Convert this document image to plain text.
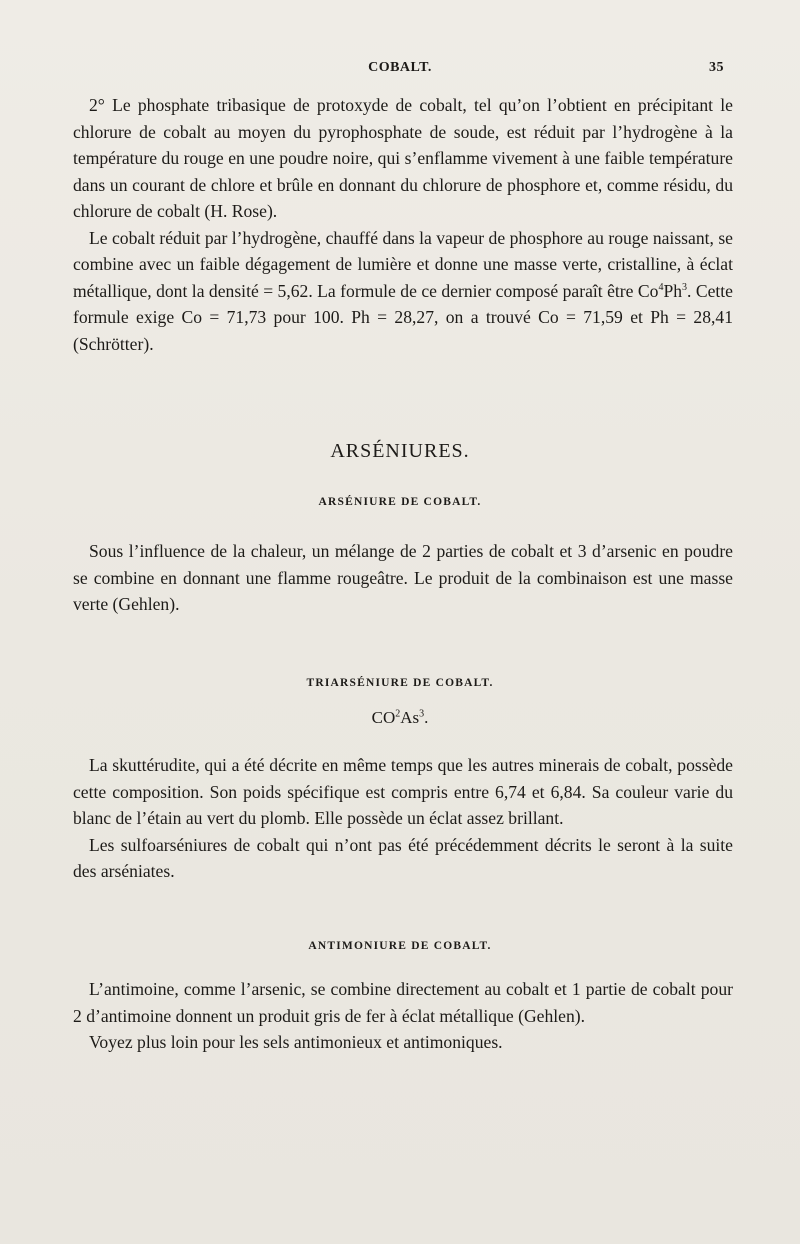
COBALT.	35

2° Le phosphate tribasique de protoxyde de cobalt, tel qu’on l’obtient en précipitant le chlorure de cobalt au moyen du pyrophosphate de soude, est réduit par l’hydrogène à la température du rouge en une poudre noire, qui s’enflamme vivement à une faible température dans un courant de chlore et brûle en donnant du chlorure de phosphore et, comme résidu, du chlorure de cobalt (H. Rose).

Le cobalt réduit par l’hydrogène, chauffé dans la vapeur de phosphore au rouge naissant, se combine avec un faible dégagement de lumière et donne une masse verte, cristalline, à éclat métallique, dont la densité = 5,62. La formule de ce dernier composé paraît être Co$^4$Ph$^3$. Cette formule exige Co = 71,73 pour 100. Ph = 28,27, on a trouvé Co = 71,59 et Ph = 28,41 (Schrötter).

ARSÉNIURES.
ARSÉNIURE DE COBALT.

Sous l’influence de la chaleur, un mélange de 2 parties de cobalt et 3 d’arsenic en poudre se combine en donnant une flamme rougeâtre. Le produit de la combinaison est une masse verte (Gehlen).

TRIARSÉNIURE DE COBALT.
$CO^2As^3$.

La skuttérudite, qui a été décrite en même temps que les autres minerais de cobalt, possède cette composition. Son poids spécifique est compris entre 6,74 et 6,84. Sa couleur varie du blanc de l’étain au vert du plomb. Elle possède un éclat assez brillant.

Les sulfoarséniures de cobalt qui n’ont pas été précédemment décrits le seront à la suite des arséniates.

ANTIMONIURE DE COBALT.

L’antimoine, comme l’arsenic, se combine directement au cobalt et 1 partie de cobalt pour 2 d’antimoine donnent un produit gris de fer à éclat métallique (Gehlen).

Voyez plus loin pour les sels antimonieux et antimoniques.
